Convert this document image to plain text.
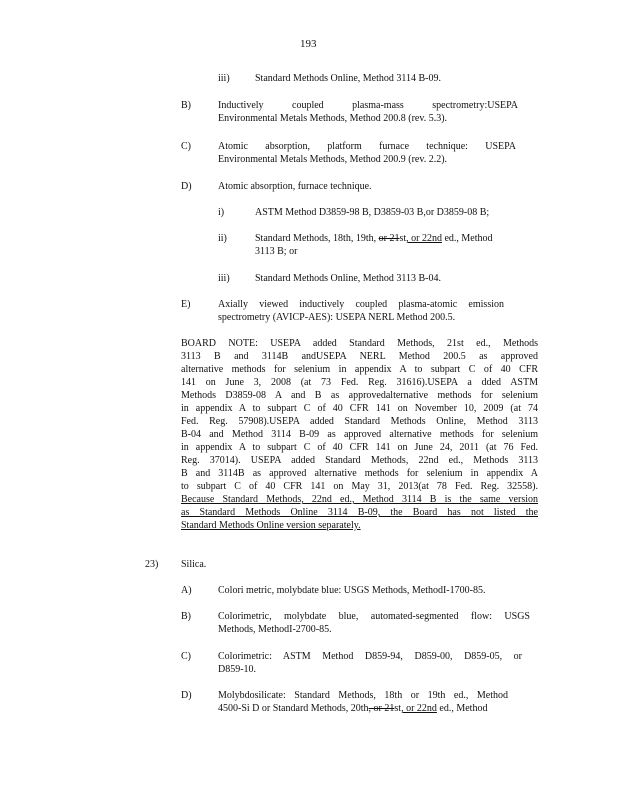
193
iii)	Standard Methods Online, Method 3114 B-09.
B)	Inductively coupled plasma-mass spectrometry:USEPA
Environmental Metals Methods, Method 200.8 (rev. 5.3).
C)	Atomic absorption, platform furnace technique: USEPA
Environmental Metals Methods, Method 200.9 (rev. 2.2).
D)	Atomic absorption, furnace technique.
i)	ASTM Method D3859-98 B, D3859-03 B,or D3859-08 B;
ii)	Standard Methods, 18th, 19th, or 21st, or 22nd ed., Method
3113 B; or
iii)	Standard Methods Online, Method 3113 B-04.
E)	Axially viewed inductively coupled plasma-atomic emission
spectrometry (AVICP-AES): USEPA NERL Method 200.5.
BOARD NOTE: USEPA added Standard Methods, 21st ed., Methods
3113 B and 3114B andUSEPA NERL Method 200.5 as approved
alternative methods for selenium in appendix A to subpart C of 40 CFR
141 on June 3, 2008 (at 73 Fed. Reg. 31616).USEPA a dded ASTM
Methods D3859-08 A and B as approvedalternative methods for selenium
in appendix A to subpart C of 40 CFR 141 on November 10, 2009 (at 74
Fed. Reg. 57908).USEPA added Standard Methods Online, Method 3113
B-04 and Method 3114 B-09 as approved alternative methods for selenium
in appendix A to subpart C of 40 CFR 141 on June 24, 2011 (at 76 Fed.
Reg. 37014). USEPA added Standard Methods, 22nd ed., Methods 3113
B and 3114B as approved alternative methods for selenium in appendix A
to subpart C of 40 CFR 141 on May 31, 2013(at 78 Fed. Reg. 32558).
Because Standard Methods, 22nd ed., Method 3114 B is the same version
as Standard Methods Online 3114 B-09, the Board has not listed the
Standard Methods Online version separately.
23) Silica.
A)	Colori metric, molybdate blue: USGS Methods, MethodI-1700-85.
B)	Colorimetric, molybdate blue, automated-segmented flow: USGS
Methods, MethodI-2700-85.
C)	Colorimetric: ASTM Method D859-94, D859-00, D859-05, or
D859-10.
D)	Molybdosilicate: Standard Methods, 18th or 19th ed., Method
4500-Si D or Standard Methods, 20th, or 21st, or 22nd ed., Method
